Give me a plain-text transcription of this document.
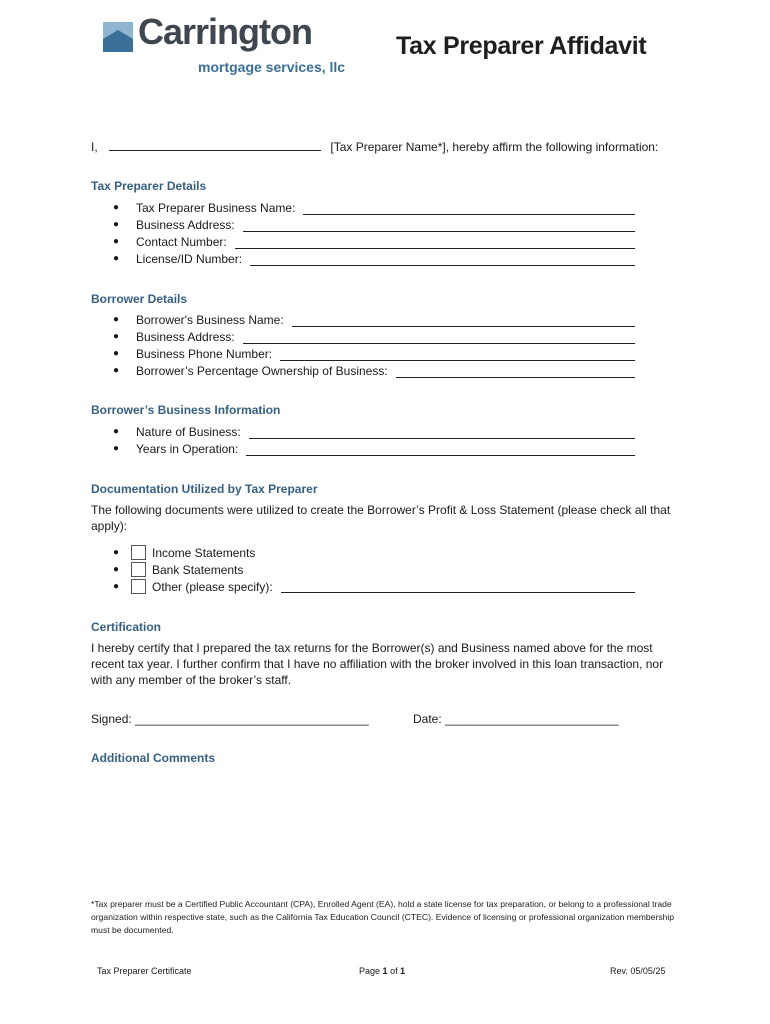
Carrington
mortgage services, llc
Tax Preparer Affidavit
I,	[Tax Preparer Name*], hereby affirm the following information:
Tax Preparer Details
●	Tax Preparer Business Name:
●	Business Address:
●	Contact Number:
●	License/ID Number:
Borrower Details
●	Borrower's Business Name:
●	Business Address:
●	Business Phone Number:
●	Borrower’s Percentage Ownership of Business:
Borrower’s Business Information
●	Nature of Business:
●	Years in Operation:
Documentation Utilized by Tax Preparer
The following documents were utilized to create the Borrower’s Profit & Loss Statement (please check all that apply):
●	Income Statements
●	Bank Statements
●	Other (please specify):
Certification
I hereby certify that I prepared the tax returns for the Borrower(s) and Business named above for the most recent tax year. I further confirm that I have no affiliation with the broker involved in this loan transaction, nor with any member of the broker’s staff.
Signed: ___________________________________	Date: __________________________
Additional Comments
*Tax preparer must be a Certified Public Accountant (CPA), Enrolled Agent (EA), hold a state license for tax preparation, or belong to a professional trade organization within respective state, such as the California Tax Education Council (CTEC). Evidence of licensing or professional organization membership must be documented.
Tax Preparer Certificate	Page 1 of 1	Rev. 05/05/25
